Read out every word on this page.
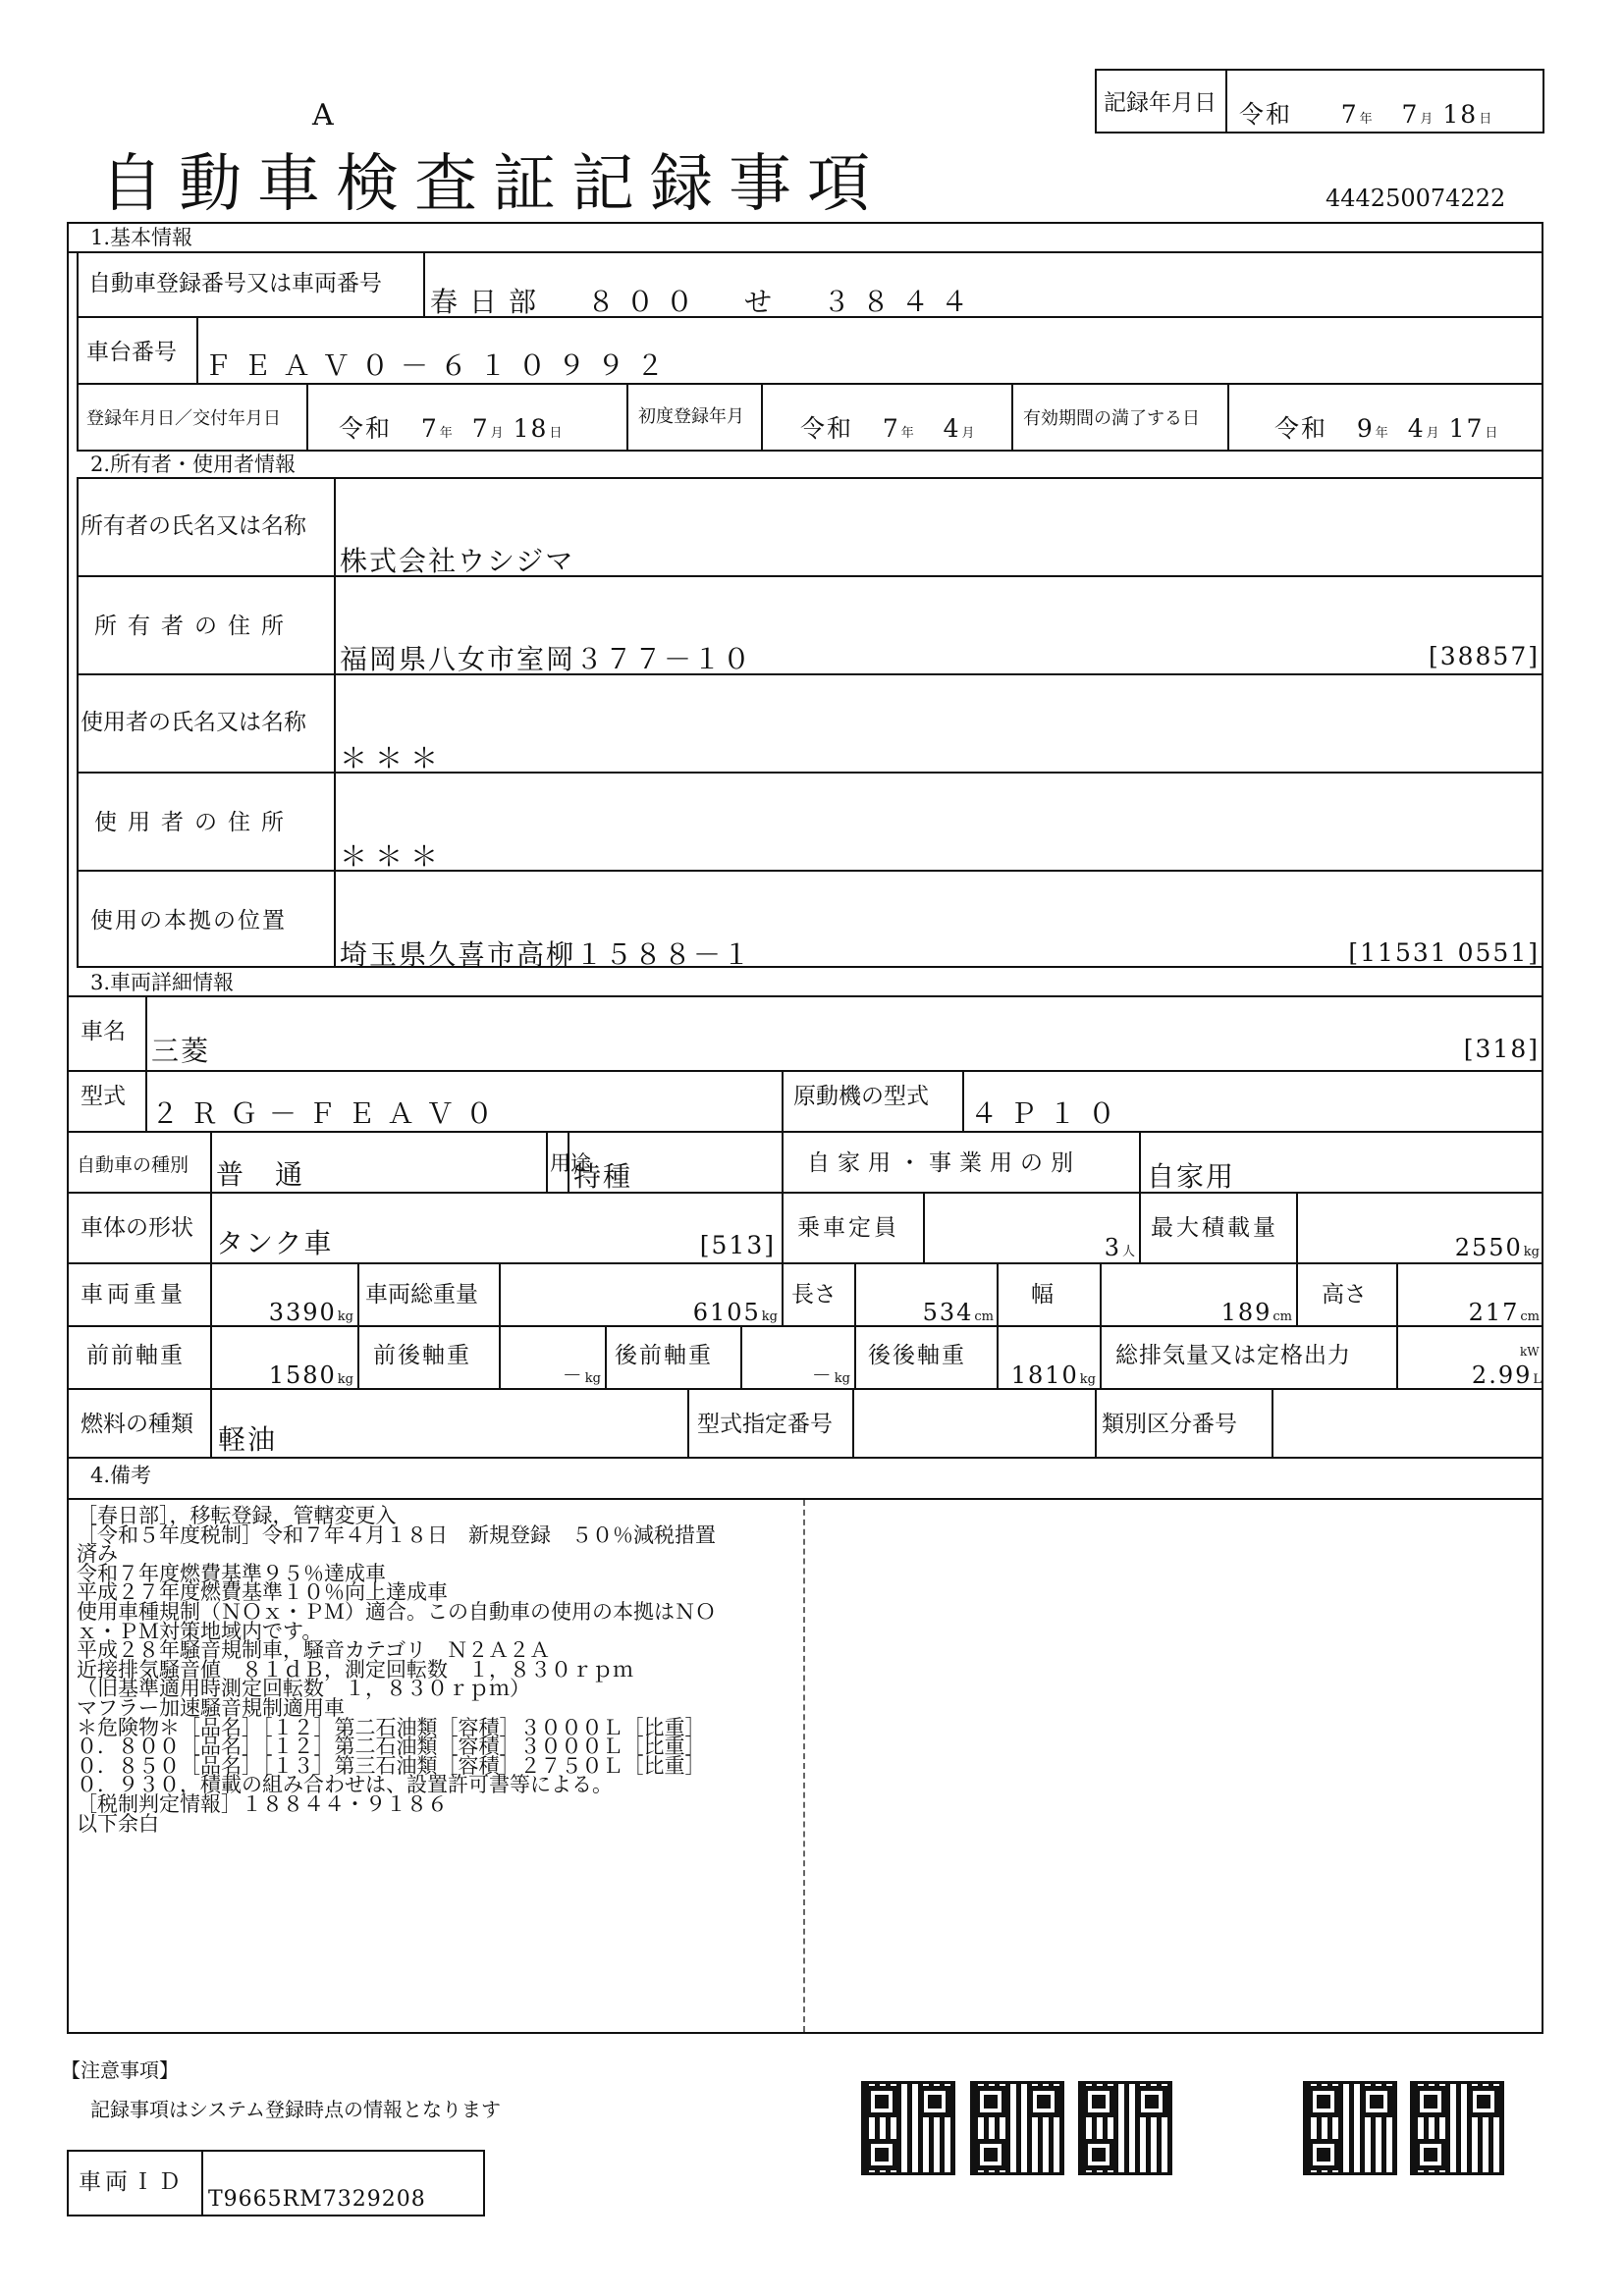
A
自動車検査証記録事項	444250074222
記録年月日 令和 7年 7月 18日
1.基本情報
自動車登録番号又は車両番号
春日部　８００　せ　３８４４
車台番号 ＦＥＡＶ０－６１０９９２
登録年月日／交付年月日 令和 7年 7月 18日
初度登録年月 令和 7年 4月
有効期間の満了する日	令和 9年 4月 17日
2.所有者・使用者情報
所有者の氏名又は名称
株式会社ウシジマ
所有者の住所
福岡県八女市室岡３７７－１０	[38857]
使用者の氏名又は名称
＊＊＊
使用者の住所
＊＊＊
使用の本拠の位置
埼玉県久喜市高柳１５８８－１	[11531 0551]
3.車両詳細情報
車名
三菱	[318]
型式
２ＲＧ－ＦＥＡＶ０
原動機の型式
４Ｐ１０
自動車の種別 普　通	用途
特種	自家用・事業用の別 自家用
車体の形状 タンク車	[513]
乗車定員
3人
最大積載量
2550kg
車両重量
3390kg
車両総重量
6105kg
長さ
534cm
幅
189cm
高さ
217cm
前前軸重
1580kg
前後軸重
－kg
後前軸重
－kg
後後軸重
1810kg
総排気量又は定格出力	kW
2.99L
燃料の種類 軽油	型式指定番号	類別区分番号
4.備考
［春日部］，移転登録，管轄変更入
［令和５年度税制］令和７年４月１８日　新規登録　５０％減税措置
済み
令和７年度燃費基準９５％達成車
平成２７年度燃費基準１０％向上達成車
使用車種規制（ＮＯｘ・ＰＭ）適合。この自動車の使用の本拠はＮＯ
ｘ・ＰＭ対策地域内です。
平成２８年騒音規制車，騒音カテゴリ　Ｎ２Ａ２Ａ
近接排気騒音値　８１ｄＢ，測定回転数　１，８３０ｒｐｍ
（旧基準適用時測定回転数　１，８３０ｒｐｍ）
マフラー加速騒音規制適用車
＊危険物＊［品名］［１２］第二石油類［容積］３０００Ｌ［比重］
０．８００［品名］［１２］第二石油類［容積］３０００Ｌ［比重］
０．８５０［品名］［１３］第三石油類［容積］２７５０Ｌ［比重］
０．９３０，積載の組み合わせは、設置許可書等による。
［税制判定情報］１８８４４・９１８６
以下余白
【注意事項】
記録事項はシステム登録時点の情報となります
車両ＩＤ
T9665RM7329208
